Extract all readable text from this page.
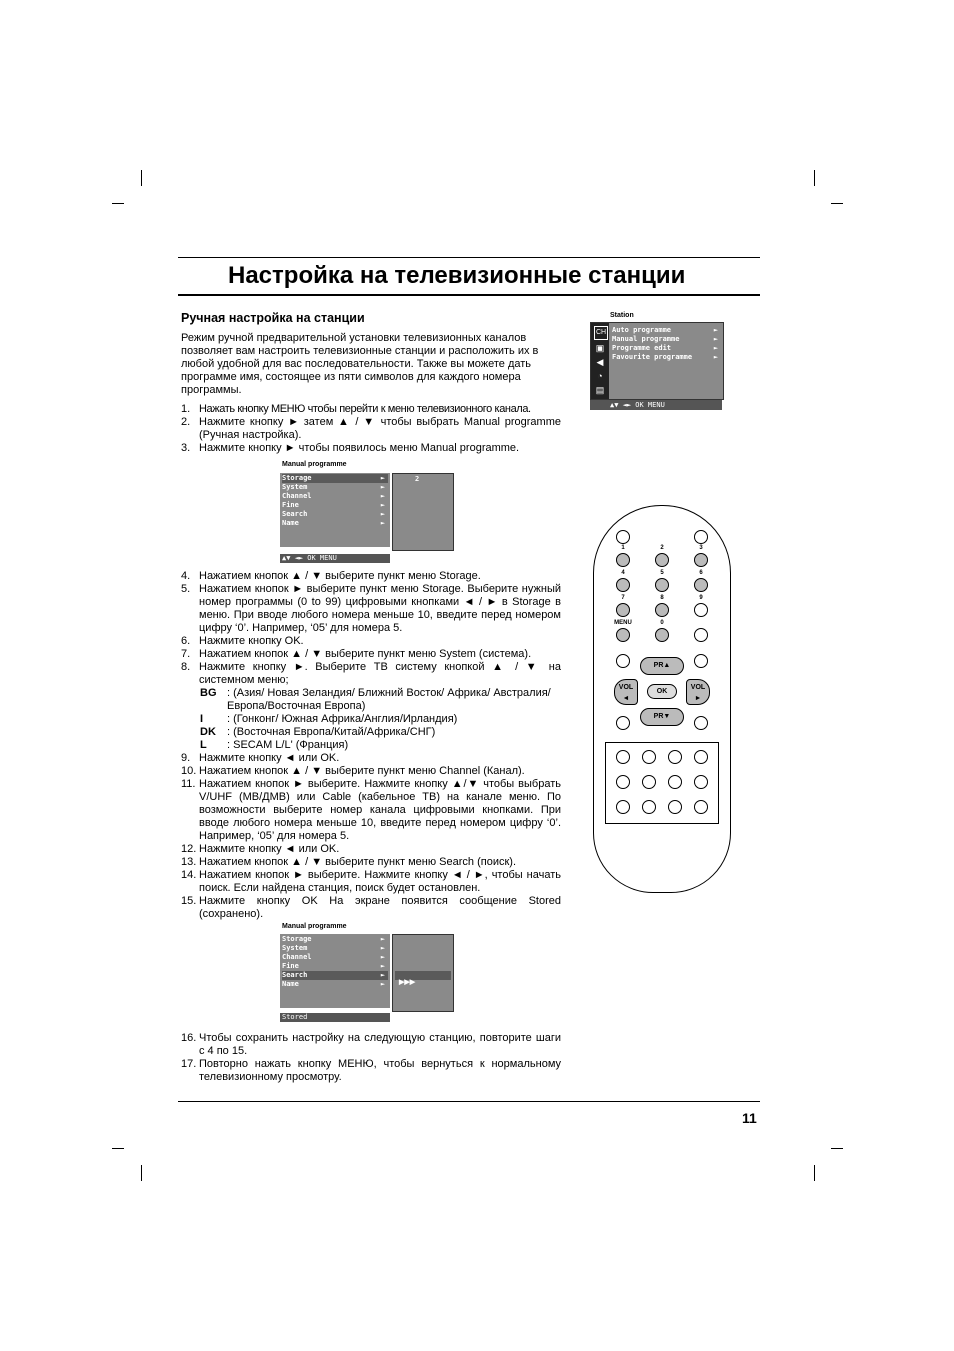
Настройка на телевизионные станции
Ручная настройка на станции
Режим ручной предварительной установки телевизионных каналов позволяет вам настроить телевизионные станции и расположить их в любой удобной для вас последовательности. Также вы можете дать программе имя, состоящее из пяти символов для каждого номера программы.
1. Нажать кнопку МЕНЮ чтобы перейти к меню телевизионного канала.
2. Нажмите кнопку ► затем ▲ / ▼ чтобы выбрать Manual programme (Ручная настройка).
3. Нажмите кнопку ► чтобы появилось меню Manual programme.
Manual programme
2
Storage	►
System	►
Channel	►
Fine	►
Search	►
Name	►
▲▼ ◄► OK MENU
4. Нажатием кнопок ▲ / ▼ выберите пункт меню Storage.
5. Нажатием кнопок ► выберите пункт меню Storage. Выберите нужный номер программы (0 to 99) цифровыми кнопками ◄ / ► в Storage в меню. При вводе любого номера меньше 10, введите перед номером цифру ‘0’. Например, ‘05’ для номера 5.
6. Нажмите кнопку OK.
7. Нажатием кнопок ▲ / ▼ выберите пункт меню System (система).
8. Нажмите кнопку ►. Выберите ТВ систему кнопкой ▲ / ▼ на системном меню;
BG : (Азия/ Новая Зеландия/ Ближний Восток/ Африка/ Австралия/Европа/Восточная Европа)
I	: (Гонконг/ Южная Африка/Англия/Ирландия)
DK	: (Восточная Европа/Китай/Африка/СНГ)
L	: SECAM L/L' (Франция)
9. Нажмите кнопку ◄ или OK.
10. Нажатием кнопок ▲ / ▼ выберите пункт меню Channel (Канал).
11. Нажатием кнопок ► выберите. Нажмите кнопку ▲/▼ чтобы выбрать V/UHF (МВ/ДМВ) или Cable (кабельное ТВ) на канале меню. По возможности выберите номер канала цифровыми кнопками. При вводе любого номера меньше 10, введите перед номером цифру ‘0’. Например, ‘05’ для номера 5.
12. Нажмите кнопку ◄ или OK.
13. Нажатием кнопок ▲ / ▼ выберите пункт меню Search (поиск).
14. Нажатием кнопок ► выберите. Нажмите кнопку ◄ / ►, чтобы начать поиск. Если найдена станция, поиск будет остановлен.
15. Нажмите кнопку OK На экране появится сообщение Stored (сохранено).
Manual programme
▶▶▶
Storage	►
System	►
Channel	►
Fine	►
Search	►
Name	►
Stored
16. Чтобы сохранить настройку на следующую станцию, повторите шаги с 4 по 15.
17. Повторно нажать кнопку МЕНЮ, чтобы вернуться к нормальному телевизионному просмотру.
11
Station
CH
▣
◀
◔
▤
Auto programme	►
Manual programme	►
Programme edit	►
Favourite programme	►
▲▼ ◄► OK MENU
1	2	3
4	5	6
7	8	9
MENU	0
PR▲
VOL ◄
OK
VOL ►
PR▼
